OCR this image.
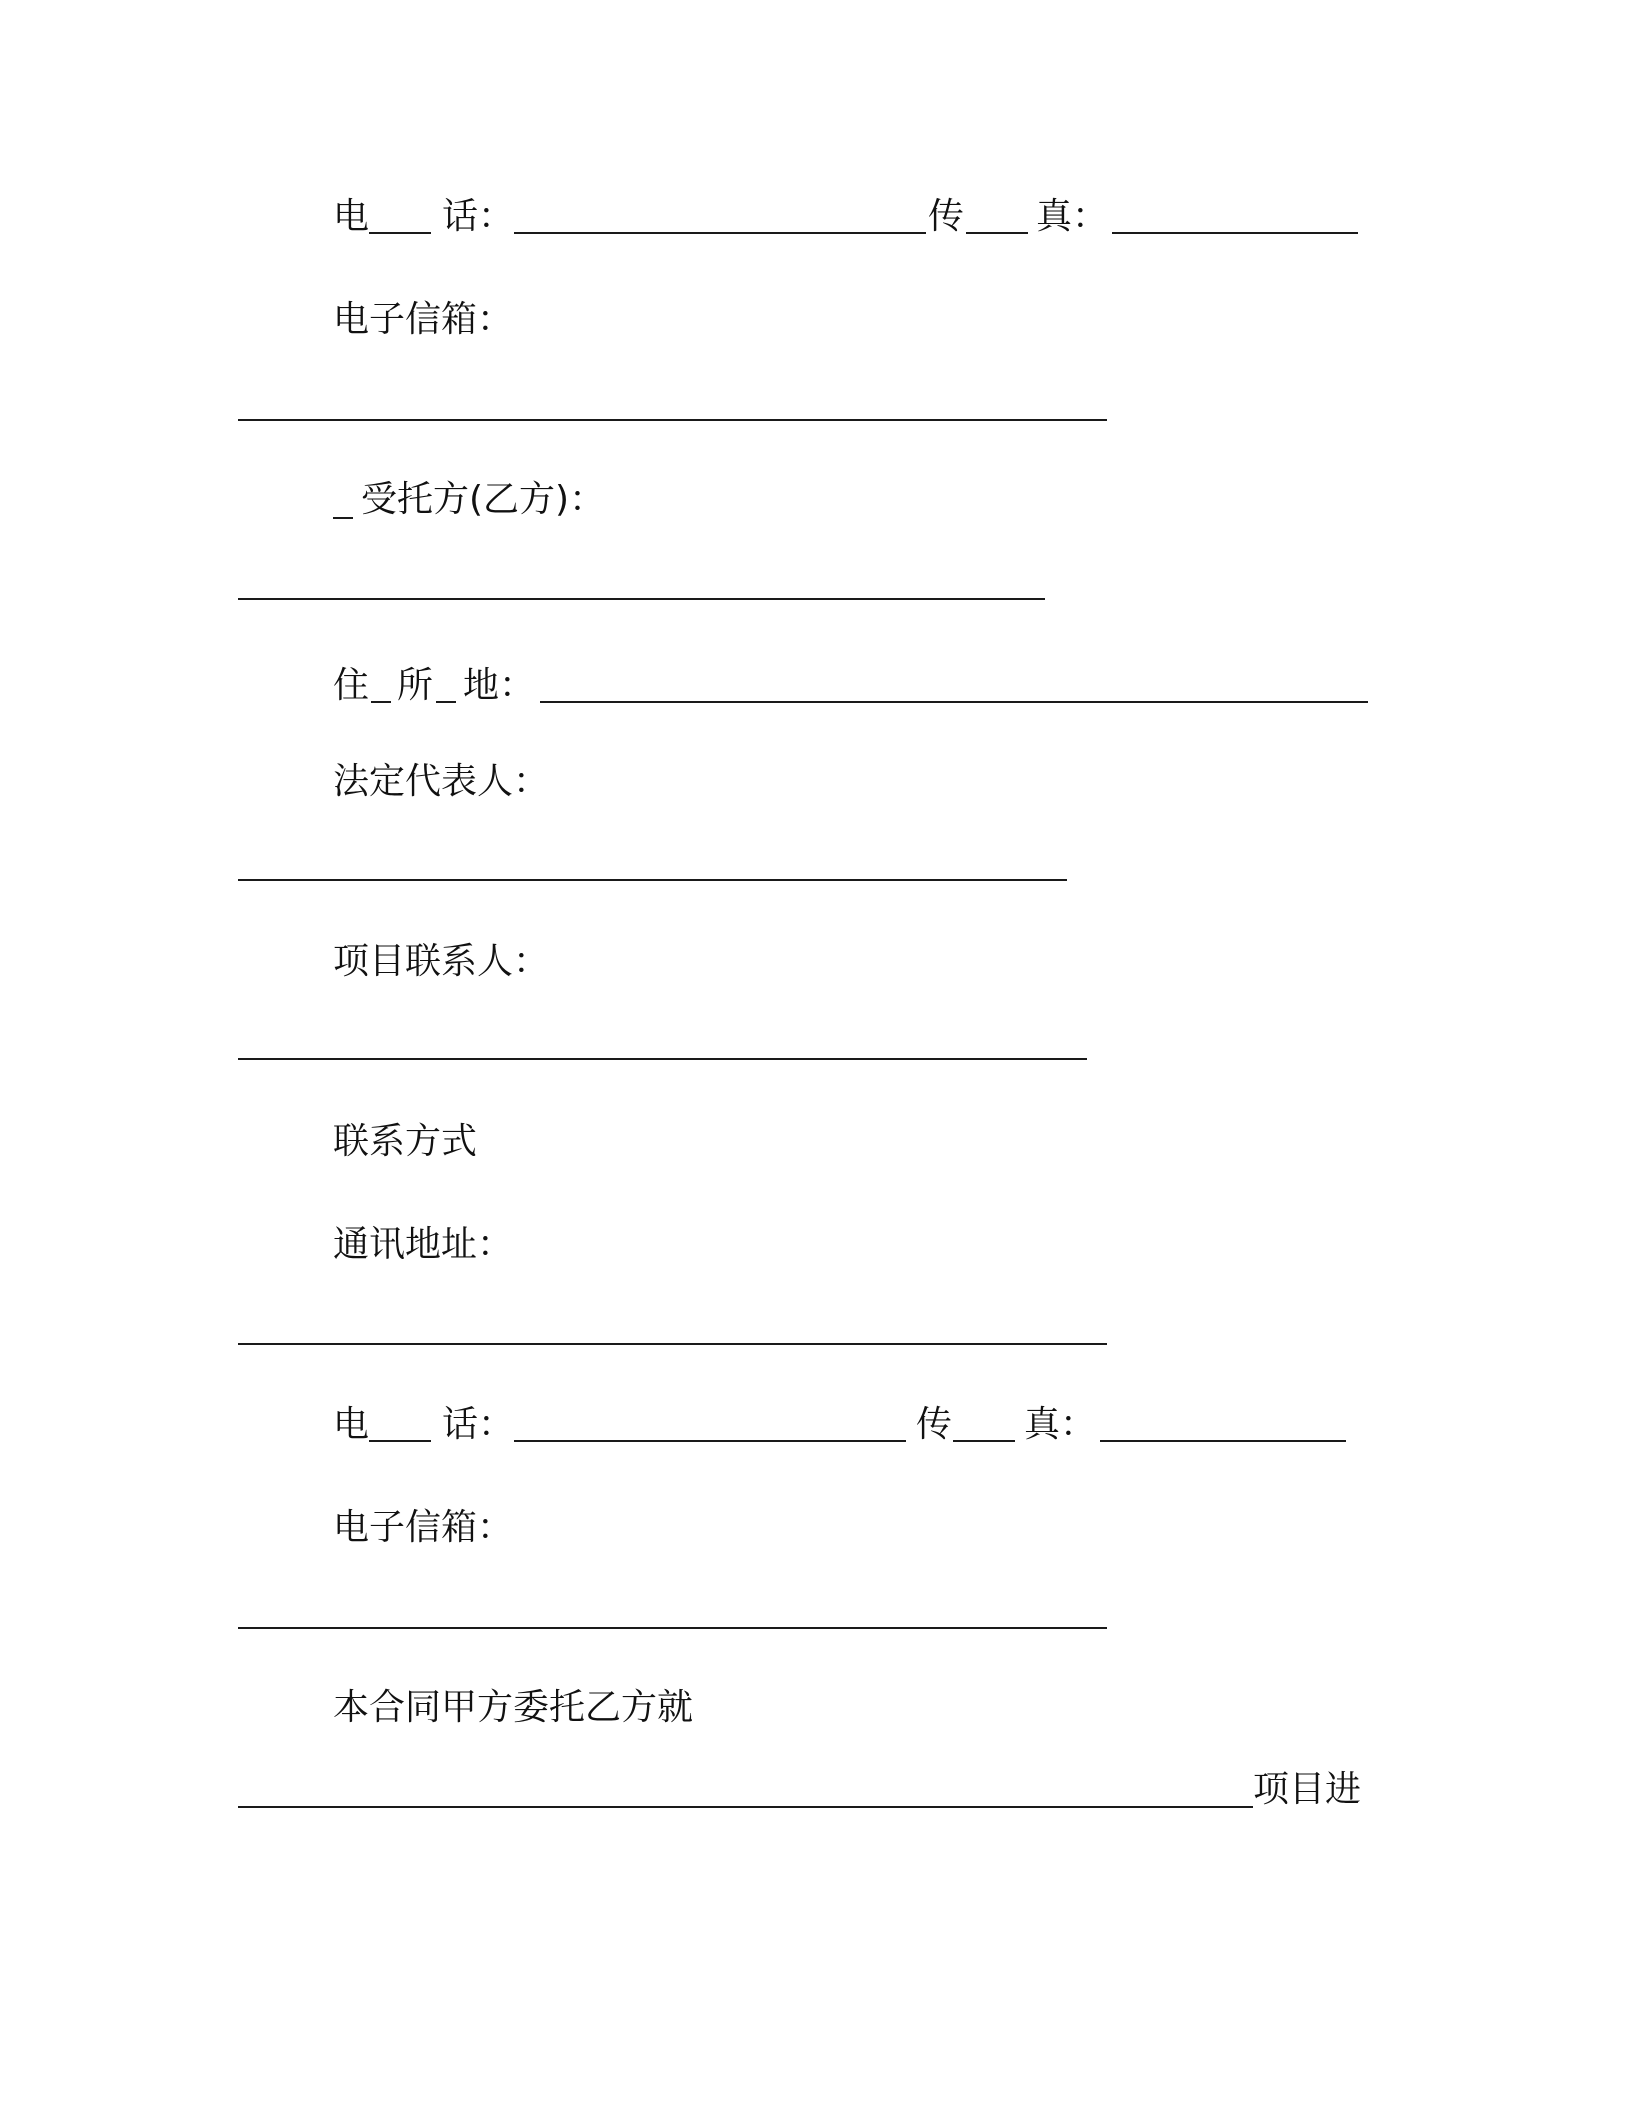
电 话：	传 真：
电子信箱：
受托方(乙方)：
住 所 地：
法定代表人：
项目联系人：
联系方式
通讯地址：
电 话：	传 真：
电子信箱：
本合同甲方委托乙方就
项目进
